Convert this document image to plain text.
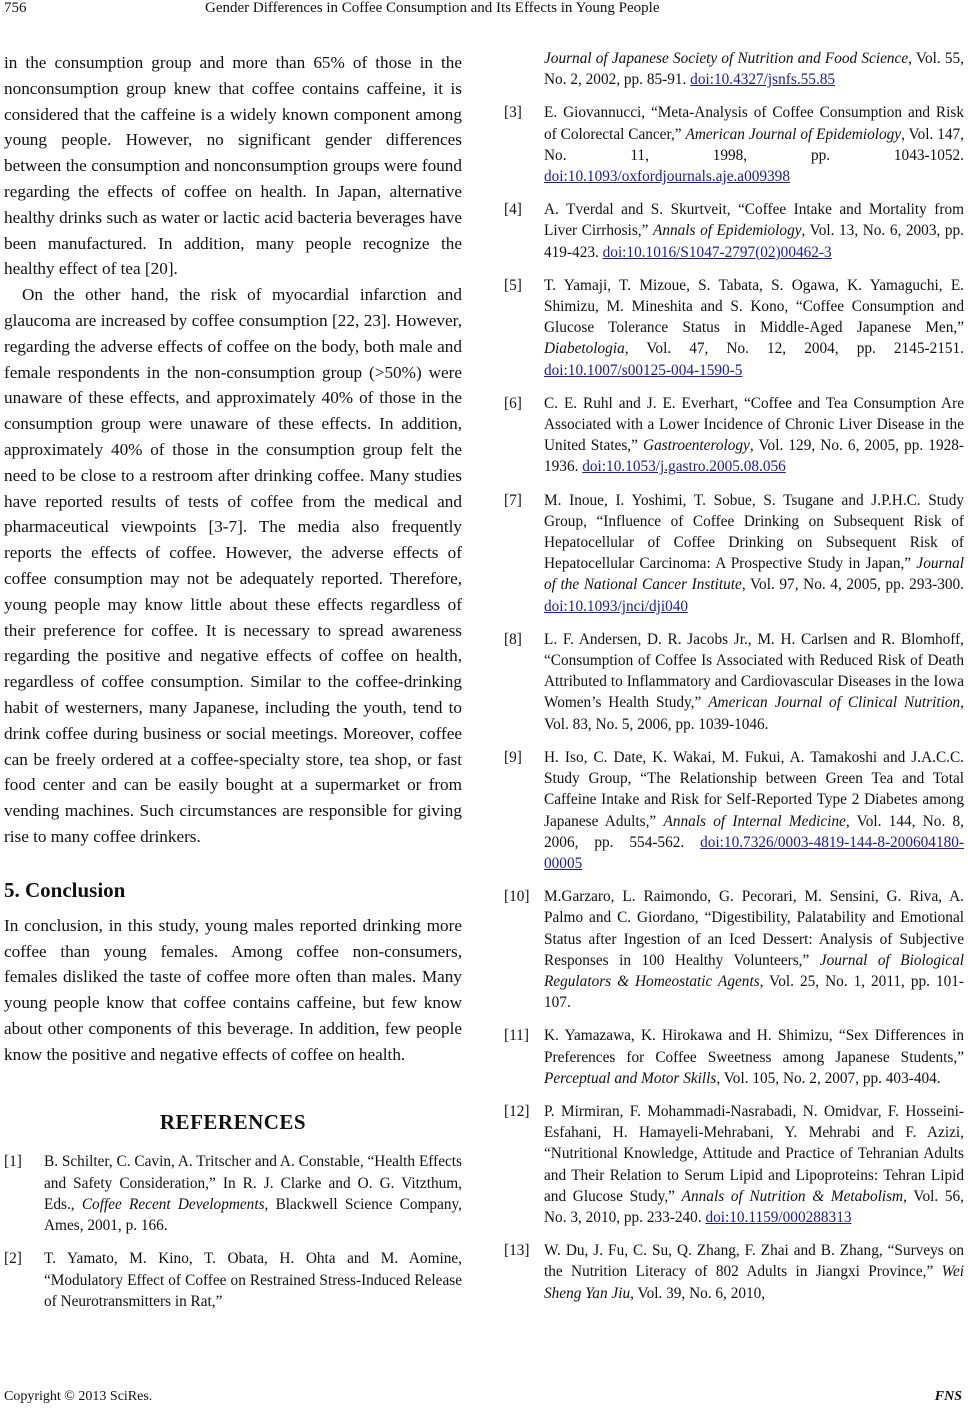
756	Gender Differences in Coffee Consumption and Its Effects in Young People

in the consumption group and more than 65% of those in the nonconsumption group knew that coffee contains caffeine, it is considered that the caffeine is a widely known component among young people. However, no significant gender differences between the consumption and nonconsumption groups were found regarding the effects of coffee on health. In Japan, alternative healthy drinks such as water or lactic acid bacteria beverages have been manufactured. In addition, many people recognize the healthy effect of tea [20].

On the other hand, the risk of myocardial infarction and glaucoma are increased by coffee consumption [22, 23]. However, regarding the adverse effects of coffee on the body, both male and female respondents in the non-consumption group (>50%) were unaware of these effects, and approximately 40% of those in the consumption group were unaware of these effects. In addition, approximately 40% of those in the consumption group felt the need to be close to a restroom after drinking coffee. Many studies have reported results of tests of coffee from the medical and pharmaceutical viewpoints [3-7]. The media also frequently reports the effects of coffee. However, the adverse effects of coffee consumption may not be adequately reported. Therefore, young people may know little about these effects regardless of their preference for coffee. It is necessary to spread awareness regarding the positive and negative effects of coffee on health, regardless of coffee consumption. Similar to the coffee-drinking habit of westerners, many Japanese, including the youth, tend to drink coffee during business or social meetings. Moreover, coffee can be freely ordered at a coffee-specialty store, tea shop, or fast food center and can be easily bought at a supermarket or from vending machines. Such circumstances are responsible for giving rise to many coffee drinkers.

5. Conclusion

In conclusion, in this study, young males reported drinking more coffee than young females. Among coffee non-consumers, females disliked the taste of coffee more often than males. Many young people know that coffee contains caffeine, but few know about other components of this beverage. In addition, few people know the positive and negative effects of coffee on health.

REFERENCES
[1] B. Schilter, C. Cavin, A. Tritscher and A. Constable, “Health Effects and Safety Consideration,” In R. J. Clarke and O. G. Vitzthum, Eds., Coffee Recent Developments, Blackwell Science Company, Ames, 2001, p. 166.
[2] T. Yamato, M. Kino, T. Obata, H. Ohta and M. Aomine, “Modulatory Effect of Coffee on Restrained Stress-Induced Release of Neurotransmitters in Rat,”
Journal of Japanese Society of Nutrition and Food Science, Vol. 55, No. 2, 2002, pp. 85-91. doi:10.4327/jsnfs.55.85
[3] E. Giovannucci, “Meta-Analysis of Coffee Consumption and Risk of Colorectal Cancer,” American Journal of Epidemiology, Vol. 147, No. 11, 1998, pp. 1043-1052. doi:10.1093/oxfordjournals.aje.a009398
[4] A. Tverdal and S. Skurtveit, “Coffee Intake and Mortality from Liver Cirrhosis,” Annals of Epidemiology, Vol. 13, No. 6, 2003, pp. 419-423. doi:10.1016/S1047-2797(02)00462-3
[5] T. Yamaji, T. Mizoue, S. Tabata, S. Ogawa, K. Yamaguchi, E. Shimizu, M. Mineshita and S. Kono, “Coffee Consumption and Glucose Tolerance Status in Middle-Aged Japanese Men,” Diabetologia, Vol. 47, No. 12, 2004, pp. 2145-2151. doi:10.1007/s00125-004-1590-5
[6] C. E. Ruhl and J. E. Everhart, “Coffee and Tea Consumption Are Associated with a Lower Incidence of Chronic Liver Disease in the United States,” Gastroenterology, Vol. 129, No. 6, 2005, pp. 1928-1936. doi:10.1053/j.gastro.2005.08.056
[7] M. Inoue, I. Yoshimi, T. Sobue, S. Tsugane and J.P.H.C. Study Group, “Influence of Coffee Drinking on Subsequent Risk of Hepatocellular of Coffee Drinking on Subsequent Risk of Hepatocellular Carcinoma: A Prospective Study in Japan,” Journal of the National Cancer Institute, Vol. 97, No. 4, 2005, pp. 293-300. doi:10.1093/jnci/dji040
[8] L. F. Andersen, D. R. Jacobs Jr., M. H. Carlsen and R. Blomhoff, “Consumption of Coffee Is Associated with Reduced Risk of Death Attributed to Inflammatory and Cardiovascular Diseases in the Iowa Women’s Health Study,” American Journal of Clinical Nutrition, Vol. 83, No. 5, 2006, pp. 1039-1046.
[9] H. Iso, C. Date, K. Wakai, M. Fukui, A. Tamakoshi and J.A.C.C. Study Group, “The Relationship between Green Tea and Total Caffeine Intake and Risk for Self-Reported Type 2 Diabetes among Japanese Adults,” Annals of Internal Medicine, Vol. 144, No. 8, 2006, pp. 554-562. doi:10.7326/0003-4819-144-8-200604180-00005
[10] M.Garzaro, L. Raimondo, G. Pecorari, M. Sensini, G. Riva, A. Palmo and C. Giordano, “Digestibility, Palatability and Emotional Status after Ingestion of an Iced Dessert: Analysis of Subjective Responses in 100 Healthy Volunteers,” Journal of Biological Regulators & Homeostatic Agents, Vol. 25, No. 1, 2011, pp. 101-107.
[11] K. Yamazawa, K. Hirokawa and H. Shimizu, “Sex Differences in Preferences for Coffee Sweetness among Japanese Students,” Perceptual and Motor Skills, Vol. 105, No. 2, 2007, pp. 403-404.
[12] P. Mirmiran, F. Mohammadi-Nasrabadi, N. Omidvar, F. Hosseini-Esfahani, H. Hamayeli-Mehrabani, Y. Mehrabi and F. Azizi, “Nutritional Knowledge, Attitude and Practice of Tehranian Adults and Their Relation to Serum Lipid and Lipoproteins: Tehran Lipid and Glucose Study,” Annals of Nutrition & Metabolism, Vol. 56, No. 3, 2010, pp. 233-240. doi:10.1159/000288313
[13] W. Du, J. Fu, C. Su, Q. Zhang, F. Zhai and B. Zhang, “Surveys on the Nutrition Literacy of 802 Adults in Jiangxi Province,” Wei Sheng Yan Jiu, Vol. 39, No. 6, 2010,
Copyright © 2013 SciRes.	FNS
